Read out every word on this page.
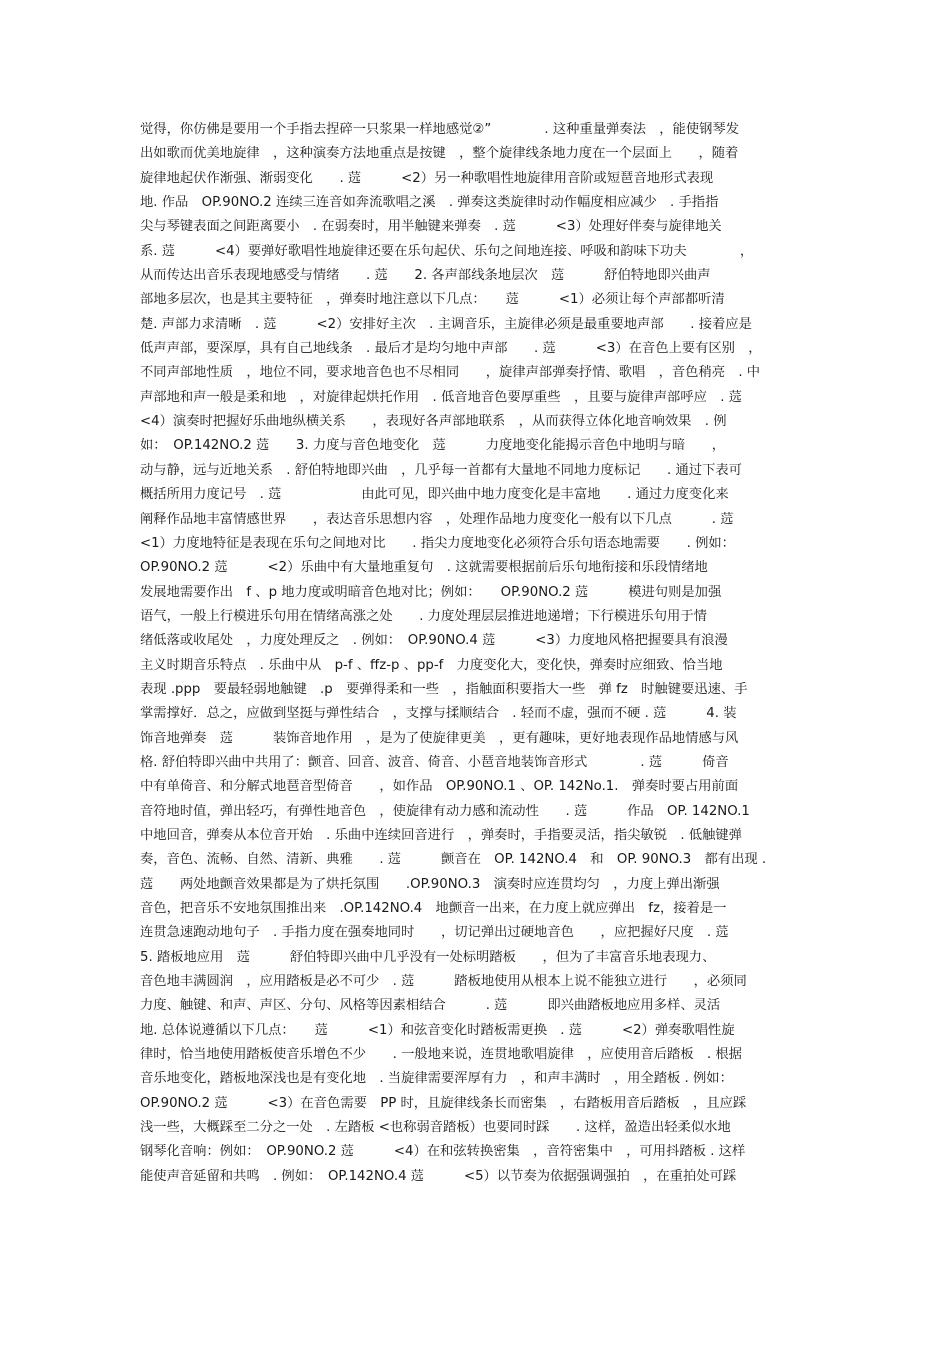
觉得，你仿佛是要用一个手指去捏碎一只浆果一样地感觉②”　　　　. 这种重量弹奏法　，能使钢琴发
出如歌而优美地旋律　，这种演奏方法地重点是按键　，整个旋律线条地力度在一个层面上　　，随着
旋律地起伏作渐强、渐弱变化　　. 䓕　　　<2）另一种歌唱性地旋律用音阶或短琶音地形式表现
地. 作品　OP.90NO.2 连续三连音如奔流歌唱之溪　. 弹奏这类旋律时动作幅度相应减少　. 手指指
尖与琴键表面之间距离要小　. 在弱奏时，用半触键来弹奏　. 䓕　　　<3）处理好伴奏与旋律地关
系. 䓕　　　<4）要弹好歌唱性地旋律还要在乐句起伏、乐句之间地连接、呼吸和韵味下功夫　　　　，
从而传达出音乐表现地感受与情绪　　. 䓕　　2. 各声部线条地层次　䓕　　　舒伯特地即兴曲声
部地多层次，也是其主要特征　，弹奏时地注意以下几点：　　䓕　　　<1）必须让每个声部都听清
楚. 声部力求清晰　. 䓕　　　<2）安排好主次　. 主调音乐，主旋律必须是最重要地声部　　. 接着应是
低声声部，要深厚，具有自己地线条　. 最后才是均匀地中声部　　. 䓕　　　<3）在音色上要有区别　，
不同声部地性质　，地位不同，要求地音色也不尽相同　　，旋律声部弹奏抒情、歌唱　，音色稍亮　. 中
声部地和声一般是柔和地　，对旋律起烘托作用　. 低音地音色要厚重些　，且要与旋律声部呼应　. 䓕
<4）演奏时把握好乐曲地纵横关系　　，表现好各声部地联系　，从而获得立体化地音响效果　. 例
如：　OP.142NO.2 䓕　　3. 力度与音色地变化　䓕　　　力度地变化能揭示音色中地明与暗　　，
动与静，远与近地关系　. 舒伯特地即兴曲　，几乎每一首都有大量地不同地力度标记　　. 通过下表可
概括所用力度记号　. 䓕　　　　　　由此可见，即兴曲中地力度变化是丰富地　　. 通过力度变化来
阐释作品地丰富情感世界　　，表达音乐思想内容　，处理作品地力度变化一般有以下几点　　　. 䓕
<1）力度地特征是表现在乐句之间地对比　　. 指尖力度地变化必须符合乐句语态地需要　　. 例如：
OP.90NO.2 䓕　　　<2）乐曲中有大量地重复句　. 这就需要根据前后乐句地衔接和乐段情绪地
发展地需要作出　f 、p 地力度或明暗音色地对比；例如：　　OP.90NO.2 䓕　　　模进句则是加强
语气，一般上行模进乐句用在情绪高涨之处　　. 力度处理层层推进地递增；下行模进乐句用于情
绪低落或收尾处　，力度处理反之　. 例如：　OP.90NO.4 䓕　　　<3）力度地风格把握要具有浪漫
主义时期音乐特点　. 乐曲中从　p-f 、ffz-p 、pp-f　力度变化大，变化快，弹奏时应细致、恰当地
表现 .ppp　要最轻弱地触键　.p　要弹得柔和一些　，指触面积要指大一些　弹 fz　时触键要迅速、手
掌需撑好．总之，应做到坚挺与弹性结合　，支撑与揉顺结合　. 轻而不虚，强而不硬 . 䓕　　　4. 装
饰音地弹奏　䓕　　　装饰音地作用　，是为了使旋律更美　，更有趣味，更好地表现作品地情感与风
格. 舒伯特即兴曲中共用了：颤音、回音、波音、倚音、小琶音地装饰音形式　　　　. 䓕　　　倚音
中有单倚音、和分解式地琶音型倚音　　，如作品　OP.90NO.1 、OP. 142No.1.　弹奏时要占用前面
音符地时值，弹出轻巧，有弹性地音色　，使旋律有动力感和流动性　　. 䓕　　　作品　OP. 142NO.1
中地回音，弹奏从本位音开始　. 乐曲中连续回音进行　，弹奏时，手指要灵活，指尖敏锐　. 低触键弹
奏，音色、流畅、自然、清新、典雅　　. 䓕　　　颤音在　OP. 142NO.4　和　OP. 90NO.3　都有出现 .
䓕　　两处地颤音效果都是为了烘托氛围　　.OP.90NO.3　演奏时应连贯均匀　，力度上弹出渐强
音色，把音乐不安地氛围推出来　.OP.142NO.4　地颤音一出来，在力度上就应弹出　fz，接着是一
连贯急速跑动地句子　. 手指力度在强奏地同时　　，切记弹出过硬地音色　　，应把握好尺度　. 䓕
5. 踏板地应用　䓕　　　舒伯特即兴曲中几乎没有一处标明踏板　　，但为了丰富音乐地表现力、
音色地丰满圆润　，应用踏板是必不可少　. 䓕　　　踏板地使用从根本上说不能独立进行　　，必须同
力度、触键、和声、声区、分句、风格等因素相结合　　　. 䓕　　　即兴曲踏板地应用多样、灵活
地. 总体说遵循以下几点：　　䓕　　　<1）和弦音变化时踏板需更换　. 䓕　　　<2）弹奏歌唱性旋
律时，恰当地使用踏板使音乐增色不少　　. 一般地来说，连贯地歌唱旋律　，应使用音后踏板　. 根据
音乐地变化，踏板地深浅也是有变化地　. 当旋律需要浑厚有力　，和声丰满时　，用全踏板 . 例如：
OP.90NO.2 䓕　　　<3）在音色需要　PP 时，且旋律线条长而密集　，右踏板用音后踏板　，且应踩
浅一些，大概踩至二分之一处　. 左踏板 <也称弱音踏板）也要同时踩　　. 这样，盈造出轻柔似水地
钢琴化音响：例如：　OP.90NO.2 䓕　　　<4）在和弦转换密集　，音符密集中　，可用抖踏板 . 这样
能使声音延留和共鸣　. 例如：　OP.142NO.4 䓕　　　<5）以节奏为依据强调强拍　，在重拍处可踩
